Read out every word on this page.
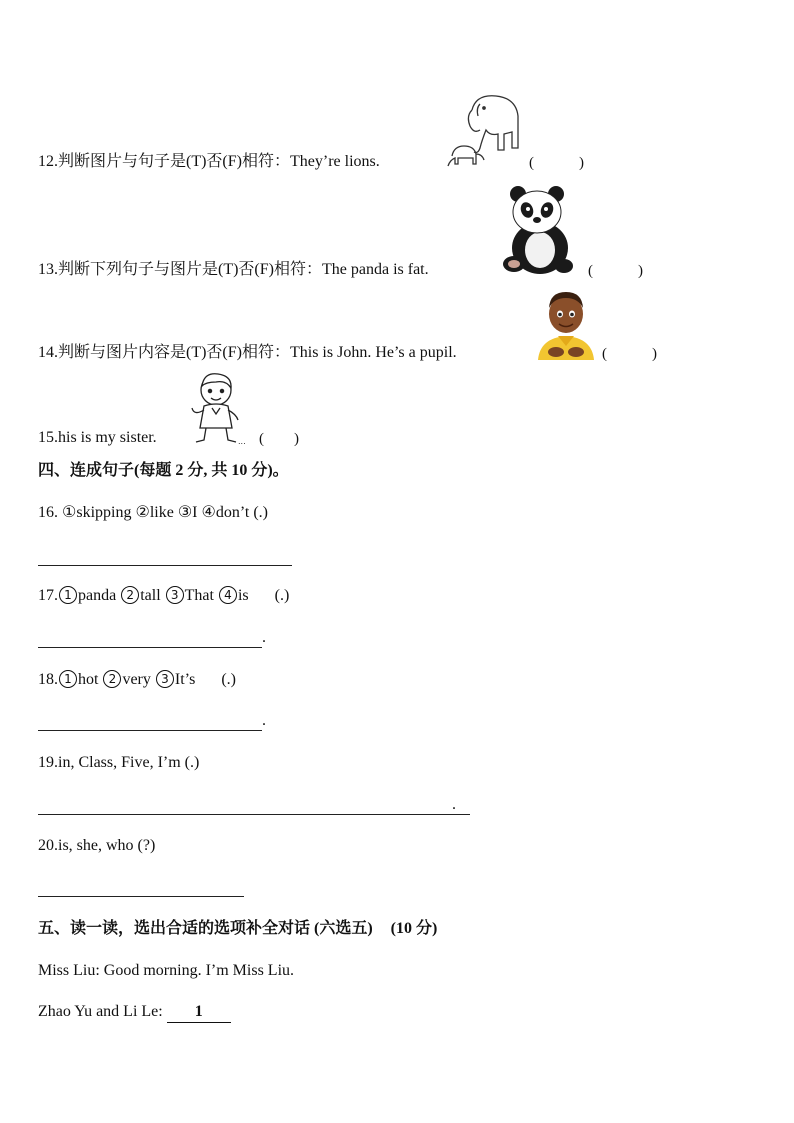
12.判断图片与句子是(T)否(F)相符：They’re lions.	(　　　)
13.判断下列句子与图片是(T)否(F)相符：The panda is fat.	(　　　)
14.判断与图片内容是(T)否(F)相符：This is John. He’s a pupil.	(　　　)
15.his is my sister.	... (　　)
四、连成句子(每题 2 分, 共 10 分)。
16. ①skipping ②like ③I ④don’t (.)
17. 1 panda 2 tall 3 That 4 is (.)
.
18. 1 hot 2 very 3 It’s (.)
.
19.in, Class, Five, I’m (.)
.
20.is, she, who (?)
五、读一读，选出合适的选项补全对话 (六选五) (10 分)
Miss Liu: Good morning. I’m Miss Liu.
Zhao Yu and Li Le: 1
